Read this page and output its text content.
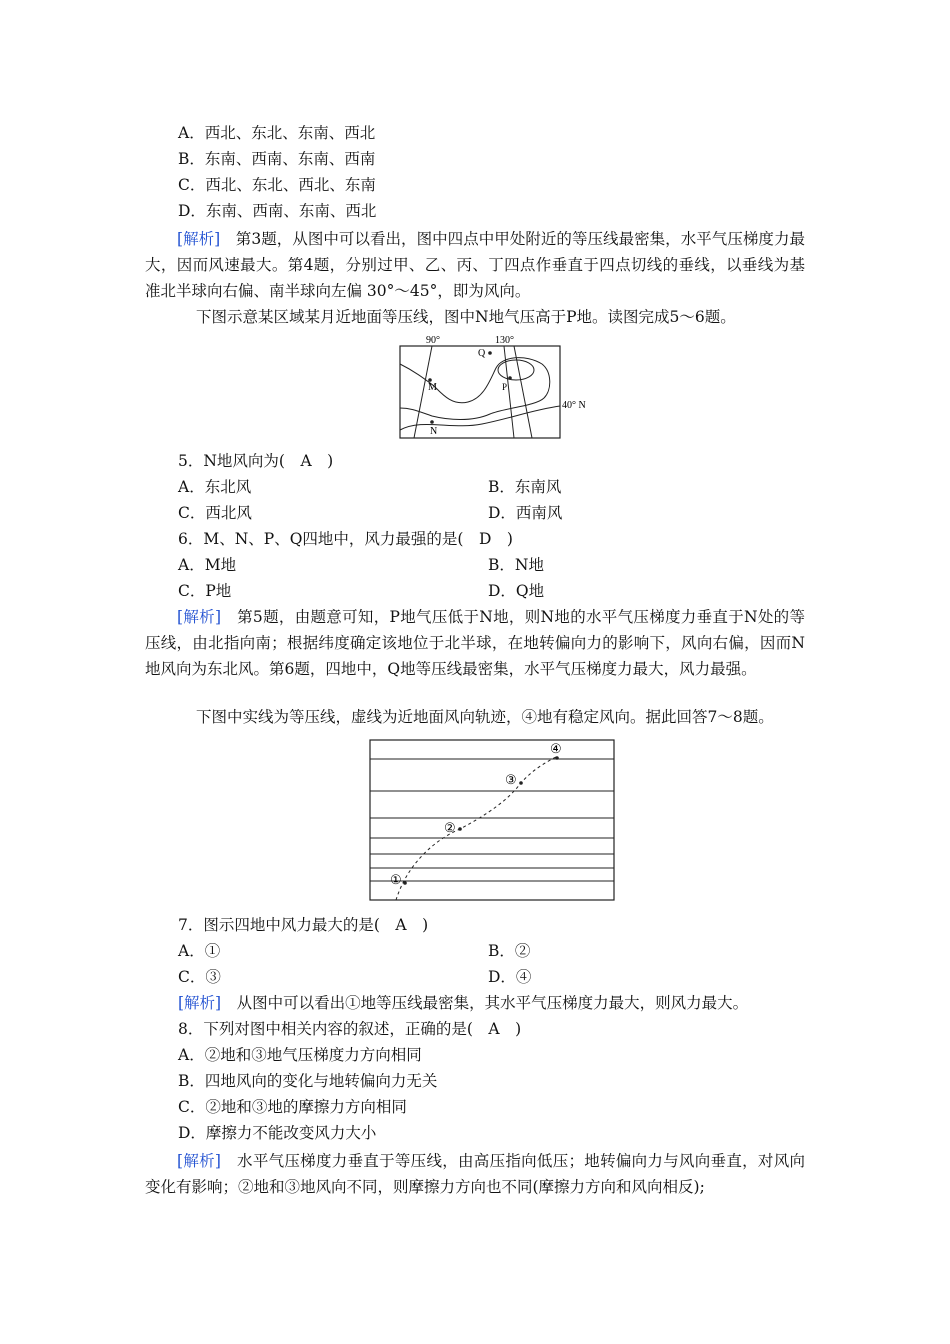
A．西北、东北、东南、西北
B．东南、西南、东南、西南
C．西北、东北、西北、东南
D．东南、西南、东南、西北
[解析]　 第3题，从图中可以看出，图中四点中甲处附近的等压线最密集，水平气压梯度力最大，因而风速最大。第4题，分别过甲、乙、丙、丁四点作垂直于四点切线的垂线，以垂线为基准北半球向右偏、南半球向左偏 30°～45°，即为风向。
下图示意某区域某月近地面等压线，图中N地气压高于P地。读图完成5～6题。
90°	130°
Q
M	P
N
40° N
5．N地风向为(　A　)
A．东北风	B．东南风
C．西北风	D．西南风
6．M、N、P、Q四地中，风力最强的是(　D　)
A．M地	B．N地
C．P地	D．Q地
[解析]　 第5题，由题意可知，P地气压低于N地，则N地的水平气压梯度力垂直于N处的等压线，由北指向南；根据纬度确定该地位于北半球，在地转偏向力的影响下，风向右偏，因而N地风向为东北风。第6题，四地中，Q地等压线最密集，水平气压梯度力最大，风力最强。
下图中实线为等压线，虚线为近地面风向轨迹，④地有稳定风向。据此回答7～8题。
①
②
③
④
7．图示四地中风力最大的是(　A　)
A．①	B．②
C．③	D．④
[解析]　 从图中可以看出①地等压线最密集，其水平气压梯度力最大，则风力最大。
8．下列对图中相关内容的叙述，正确的是(　A　)
A．②地和③地气压梯度力方向相同
B．四地风向的变化与地转偏向力无关
C．②地和③地的摩擦力方向相同
D．摩擦力不能改变风力大小
[解析]　 水平气压梯度力垂直于等压线，由高压指向低压；地转偏向力与风向垂直，对风向变化有影响；②地和③地风向不同，则摩擦力方向也不同(摩擦力方向和风向相反);
